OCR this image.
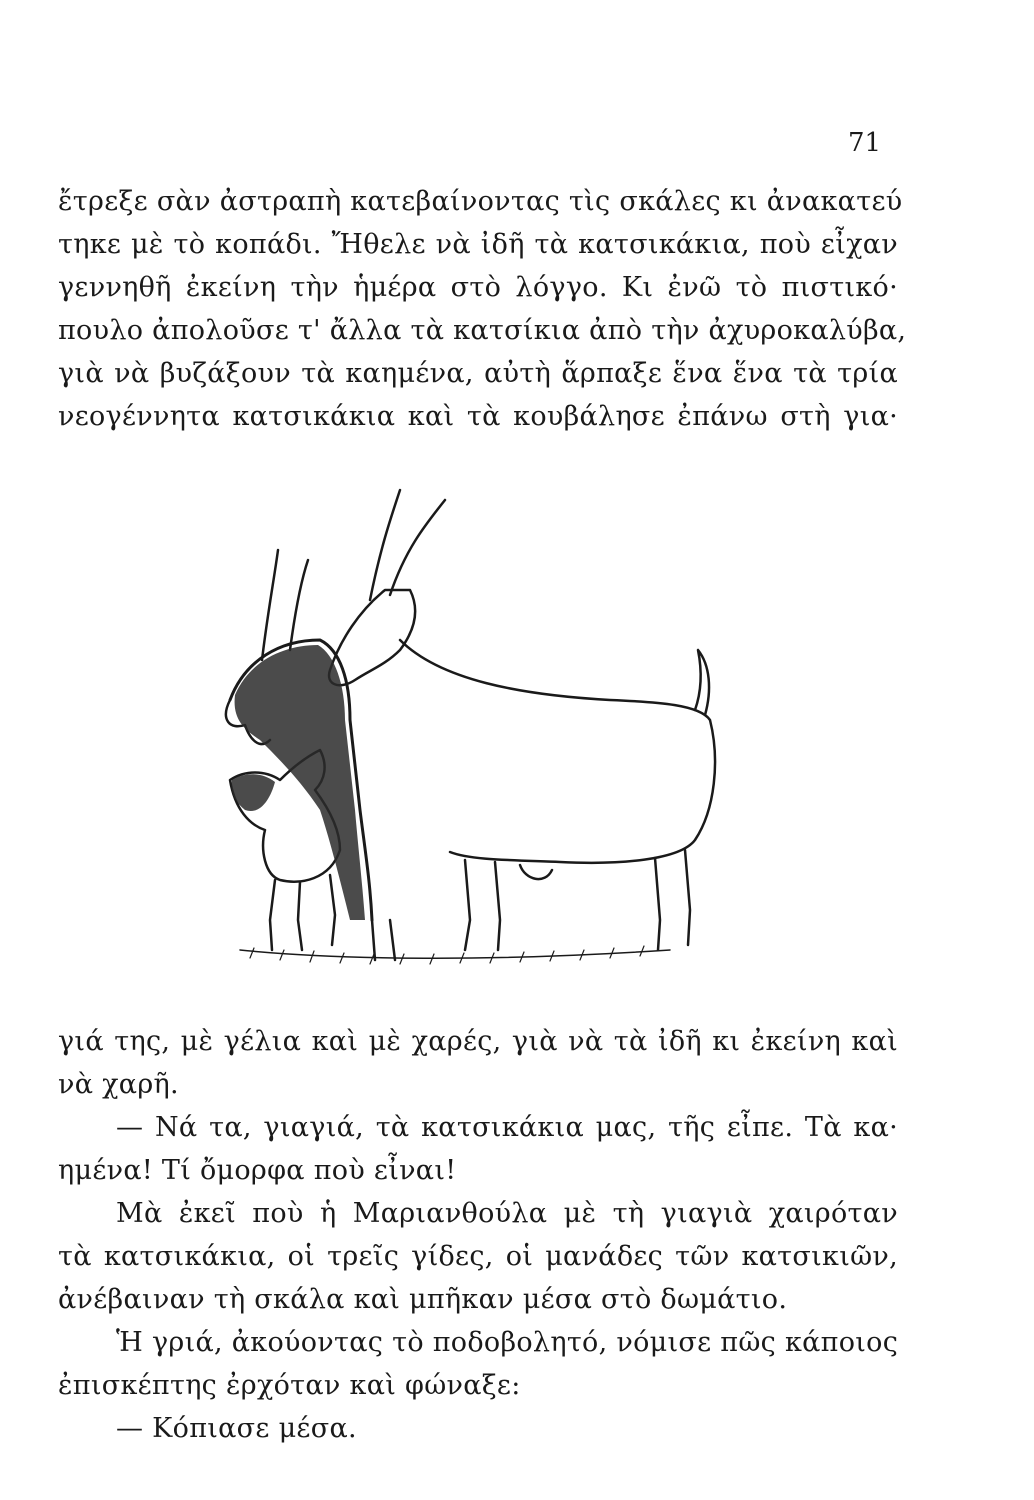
71
ἔτρεξε σὰν ἀστραπὴ κατεβαίνοντας τὶς σκάλες κι ἀνακατεύ
τηκε μὲ τὸ κοπάδι. Ἤθελε νὰ ἰδῆ τὰ κατσικάκια, ποὺ εἶχαν
γεννηθῆ ἐκείνη τὴν ἡμέρα στὸ λόγγο. Κι ἐνῶ τὸ πιστικό·
πουλο ἀπολοῦσε τ' ἄλλα τὰ κατσίκια ἀπὸ τὴν ἀχυροκαλύβα,
γιὰ νὰ βυζάξουν τὰ καημένα, αὐτὴ ἅρπαξε ἕνα ἕνα τὰ τρία
νεογέννητα κατσικάκια καὶ τὰ κουβάλησε ἐπάνω στὴ για·
γιά της, μὲ γέλια καὶ μὲ χαρές, γιὰ νὰ τὰ ἰδῆ κι ἐκείνη καὶ
νὰ χαρῆ.
— Νά τα, γιαγιά, τὰ κατσικάκια μας, τῆς εἶπε. Τὰ κα·
ημένα! Τί ὄμορφα ποὺ εἶναι!
Μὰ ἐκεῖ ποὺ ἡ Μαριανθούλα μὲ τὴ γιαγιὰ χαιρόταν
τὰ κατσικάκια, οἱ τρεῖς γίδες, οἱ μανάδες τῶν κατσικιῶν,
ἀνέβαιναν τὴ σκάλα καὶ μπῆκαν μέσα στὸ δωμάτιο.
Ἡ γριά, ἀκούοντας τὸ ποδοβολητό, νόμισε πῶς κάποιος
ἐπισκέπτης ἐρχόταν καὶ φώναξε:
— Κόπιασε μέσα.
